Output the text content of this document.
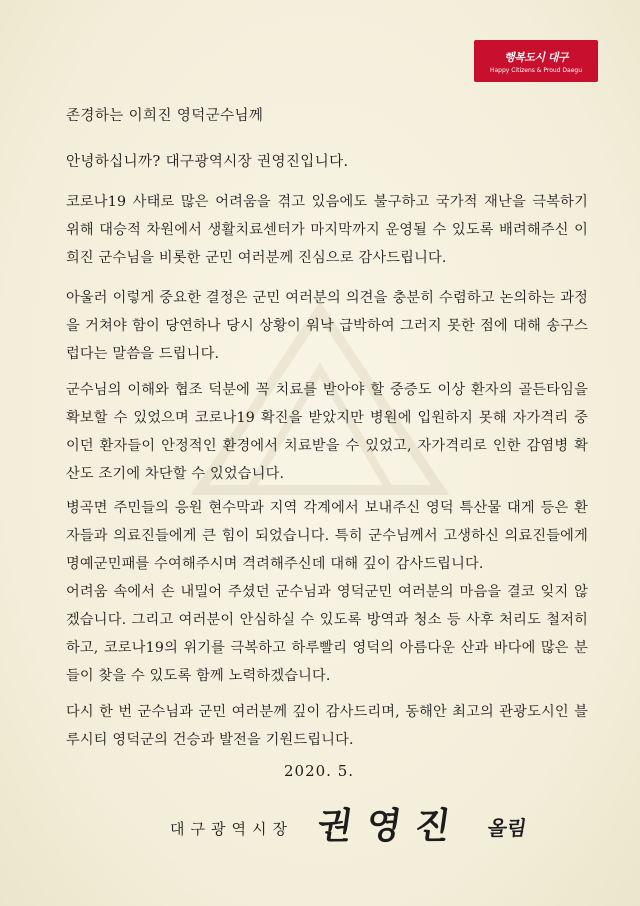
행복도시 대구
Happy Citizens & Proud Daegu
존경하는 이희진 영덕군수님께
안녕하십니까? 대구광역시장 권영진입니다.
코로나19 사태로 많은 어려움을 겪고 있음에도 불구하고 국가적 재난을 극복하기 위해 대승적 차원에서 생활치료센터가 마지막까지 운영될 수 있도록 배려해주신 이희진 군수님을 비롯한 군민 여러분께 진심으로 감사드립니다.
아울러 이렇게 중요한 결정은 군민 여러분의 의견을 충분히 수렴하고 논의하는 과정을 거쳐야 함이 당연하나 당시 상황이 워낙 급박하여 그러지 못한 점에 대해 송구스럽다는 말씀을 드립니다.
군수님의 이해와 협조 덕분에 꼭 치료를 받아야 할 중증도 이상 환자의 골든타임을 확보할 수 있었으며 코로나19 확진을 받았지만 병원에 입원하지 못해 자가격리 중이던 환자들이 안정적인 환경에서 치료받을 수 있었고, 자가격리로 인한 감염병 확산도 조기에 차단할 수 있었습니다.
병곡면 주민들의 응원 현수막과 지역 각계에서 보내주신 영덕 특산물 대게 등은 환자들과 의료진들에게 큰 힘이 되었습니다. 특히 군수님께서 고생하신 의료진들에게 명예군민패를 수여해주시며 격려해주신데 대해 깊이 감사드립니다.
어려움 속에서 손 내밀어 주셨던 군수님과 영덕군민 여러분의 마음을 결코 잊지 않겠습니다. 그리고 여러분이 안심하실 수 있도록 방역과 청소 등 사후 처리도 철저히 하고, 코로나19의 위기를 극복하고 하루빨리 영덕의 아름다운 산과 바다에 많은 분들이 찾을 수 있도록 함께 노력하겠습니다.
다시 한 번 군수님과 군민 여러분께 깊이 감사드리며, 동해안 최고의 관광도시인 블루시티 영덕군의 건승과 발전을 기원드립니다.
2020. 5.
대구광역시장 권영진 올림
